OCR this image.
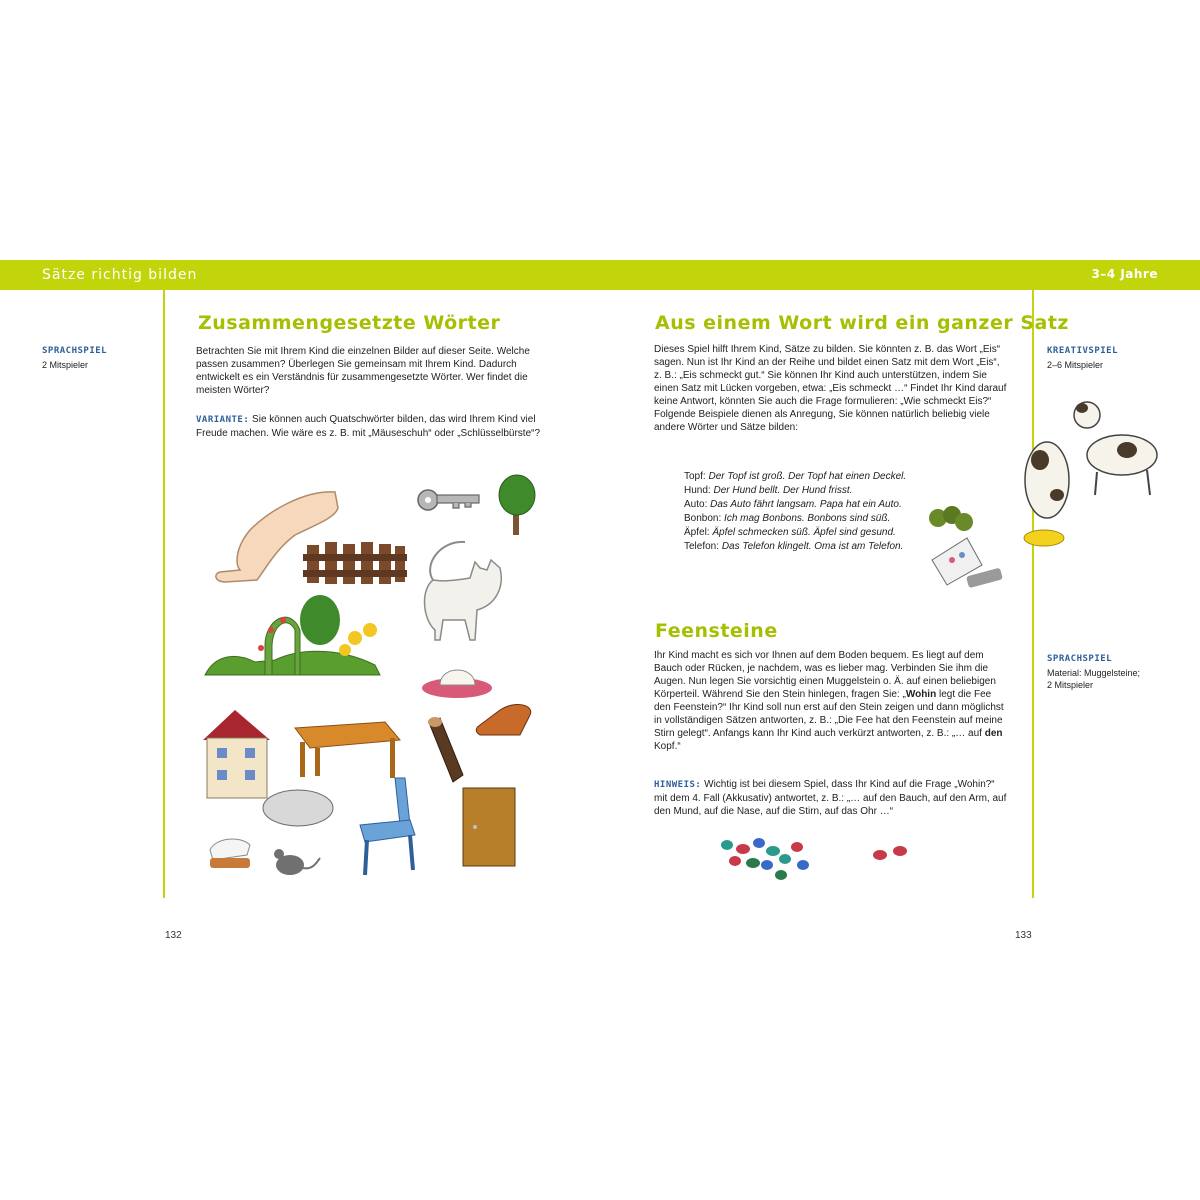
Sätze richtig bilden	3–4 Jahre
SPRACHSPIEL
2 Mitspieler
Zusammengesetzte Wörter
Betrachten Sie mit Ihrem Kind die einzelnen Bilder auf dieser Seite. Welche passen zusammen? Überlegen Sie gemeinsam mit Ihrem Kind. Dadurch entwickelt es ein Verständnis für zusammengesetzte Wörter. Wer findet die meisten Wörter?
VARIANTE: Sie können auch Quatschwörter bilden, das wird Ihrem Kind viel Freude machen. Wie wäre es z. B. mit „Mäuseschuh“ oder „Schlüsselbürste“?
132
Aus einem Wort wird ein ganzer Satz
Dieses Spiel hilft Ihrem Kind, Sätze zu bilden. Sie könnten z. B. das Wort „Eis“ sagen. Nun ist Ihr Kind an der Reihe und bildet einen Satz mit dem Wort „Eis“, z. B.: „Eis schmeckt gut.“ Sie können Ihr Kind auch unterstützen, indem Sie einen Satz mit Lücken vorgeben, etwa: „Eis schmeckt …“ Findet Ihr Kind darauf keine Antwort, könnten Sie auch die Frage formulieren: „Wie schmeckt Eis?“
Folgende Beispiele dienen als Anregung, Sie können natürlich beliebig viele andere Wörter und Sätze bilden:
Topf: Der Topf ist groß. Der Topf hat einen Deckel.
Hund: Der Hund bellt. Der Hund frisst.
Auto: Das Auto fährt langsam. Papa hat ein Auto.
Bonbon: Ich mag Bonbons. Bonbons sind süß.
Äpfel: Äpfel schmecken süß. Äpfel sind gesund.
Telefon: Das Telefon klingelt. Oma ist am Telefon.
KREATIVSPIEL
2–6 Mitspieler
Feensteine
Ihr Kind macht es sich vor Ihnen auf dem Boden bequem. Es liegt auf dem Bauch oder Rücken, je nachdem, was es lieber mag. Verbinden Sie ihm die Augen. Nun legen Sie vorsichtig einen Muggelstein o. Ä. auf einen beliebigen Körperteil. Während Sie den Stein hinlegen, fragen Sie: „Wohin legt die Fee den Feenstein?“ Ihr Kind soll nun erst auf den Stein zeigen und dann möglichst in vollständigen Sätzen antworten, z. B.: „Die Fee hat den Feenstein auf meine Stirn gelegt“. Anfangs kann Ihr Kind auch verkürzt antworten, z. B.: „… auf den Kopf.“
HINWEIS: Wichtig ist bei diesem Spiel, dass Ihr Kind auf die Frage „Wohin?“ mit dem 4. Fall (Akkusativ) antwortet, z. B.: „… auf den Bauch, auf den Arm, auf den Mund, auf die Nase, auf die Stirn, auf das Ohr …“
SPRACHSPIEL
Material: Muggelsteine;
2 Mitspieler
133
